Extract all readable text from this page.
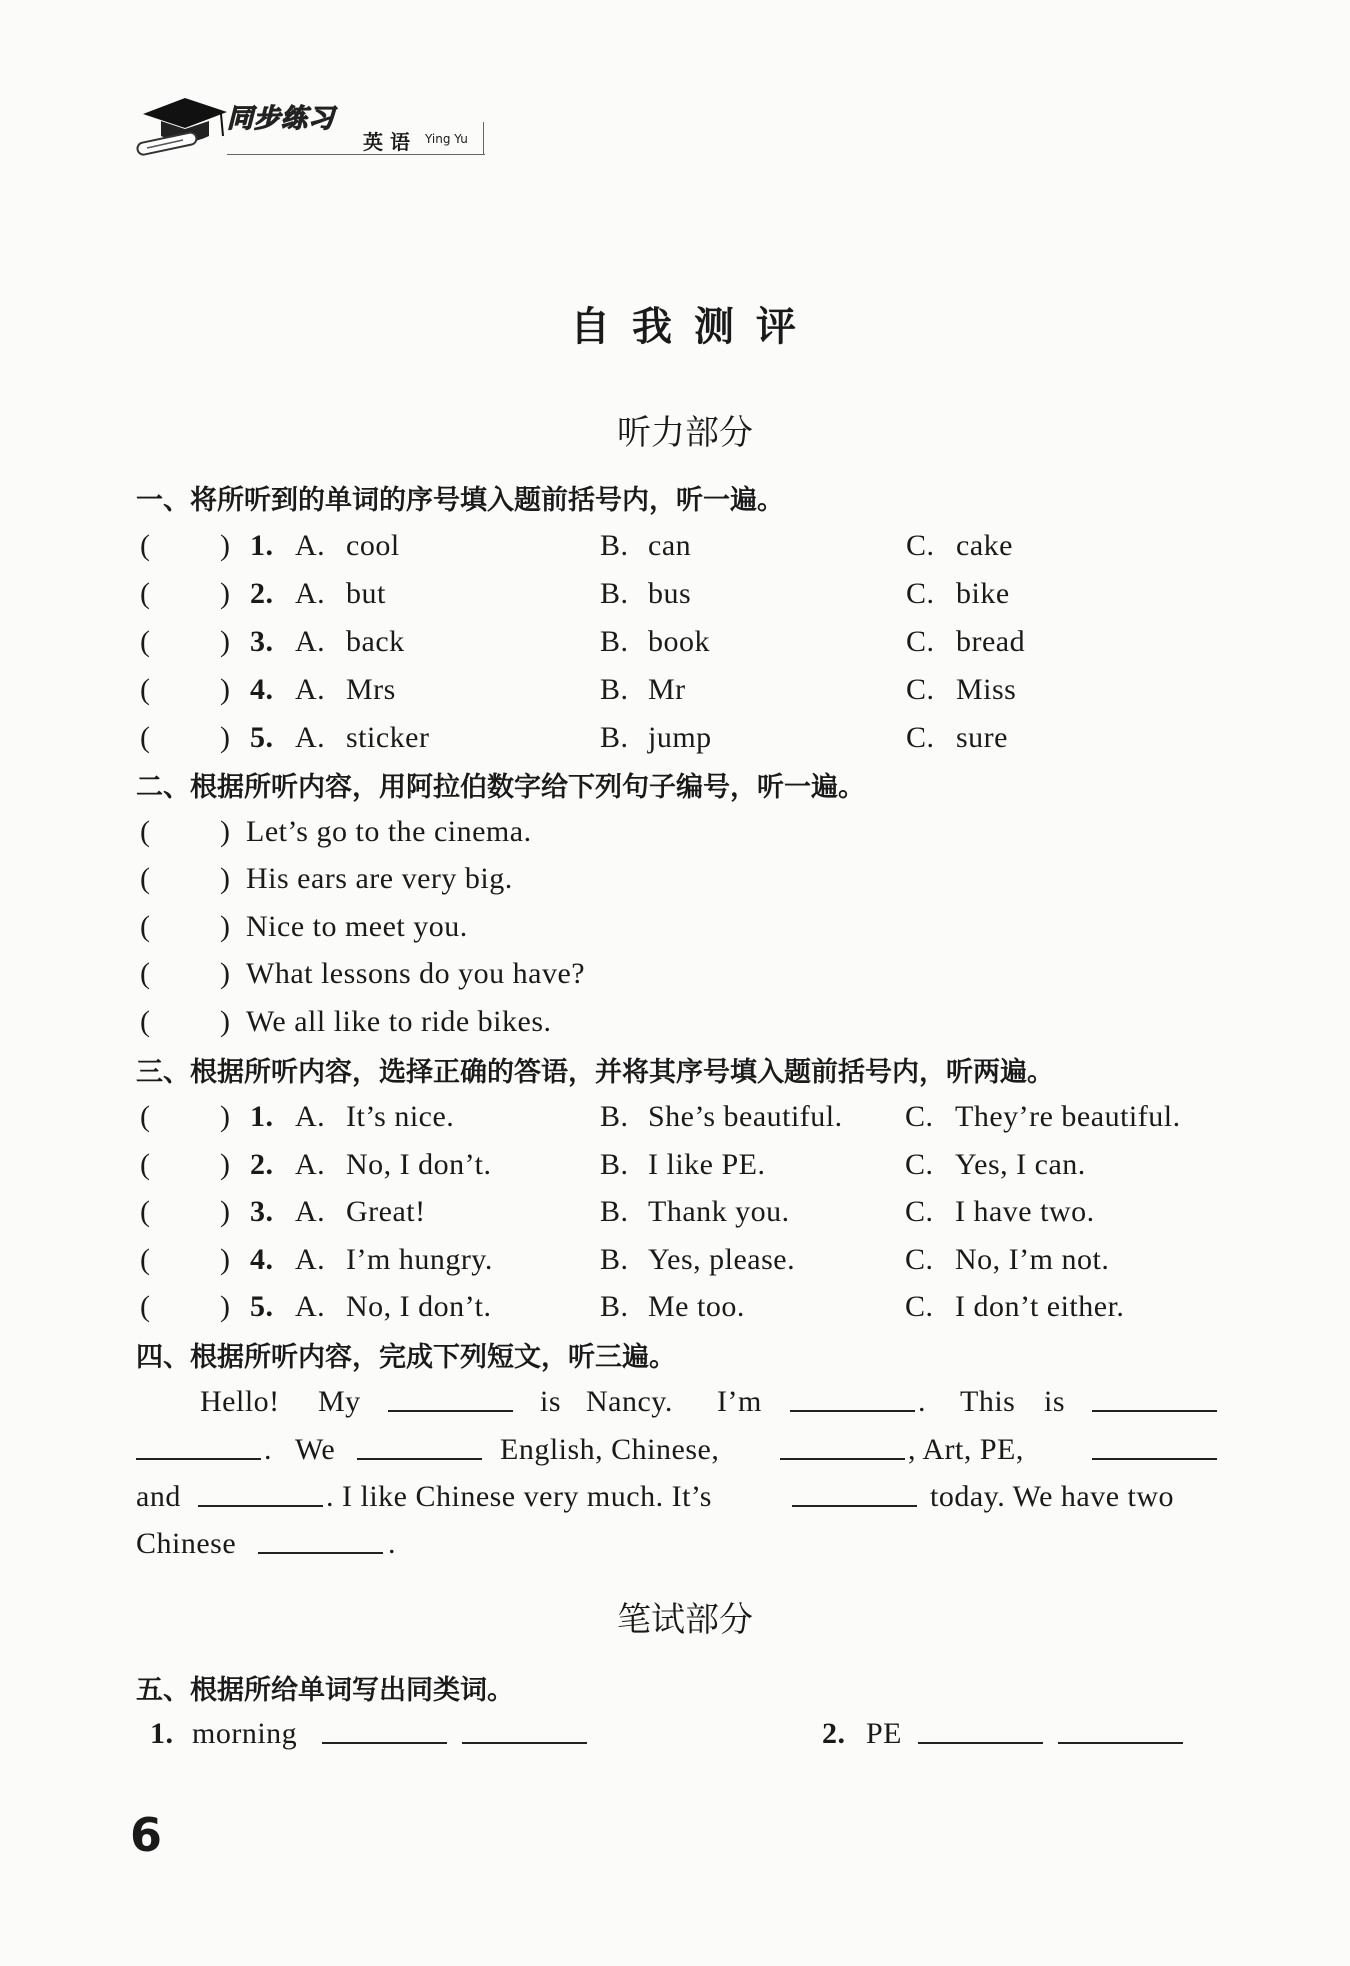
同步练习
英 语 Ying Yu
自 我 测 评
听力部分
一、将所听到的单词的序号填入题前括号内，听一遍。
( ) 1. A. cool	B. can	C. cake
( ) 2. A. but	B. bus	C. bike
( ) 3. A. back	B. book	C. bread
( ) 4. A. Mrs	B. Mr	C. Miss
( ) 5. A. sticker	B. jump	C. sure
二、根据所听内容，用阿拉伯数字给下列句子编号，听一遍。
( ) Let’s go to the cinema.
( ) His ears are very big.
( ) Nice to meet you.
( ) What lessons do you have?
( ) We all like to ride bikes.
三、根据所听内容，选择正确的答语，并将其序号填入题前括号内，听两遍。
( ) 1. A. It’s nice.	B. She’s beautiful. C. They’re beautiful.
( ) 2. A. No, I don’t.	B. I like PE.	C. Yes, I can.
( ) 3. A. Great!	B. Thank you.	C. I have two.
( ) 4. A. I’m hungry.	B. Yes, please.	C. No, I’m not.
( ) 5. A. No, I don’t.	B. Me too.	C. I don’t either.
四、根据所听内容，完成下列短文，听三遍。
Hello! My	is Nancy. I’m	. This is
. We	English, Chinese,	, Art, PE,
and	. I like Chinese very much. It’s	today. We have two
Chinese	.
笔试部分
五、根据所给单词写出同类词。
1. morning	2. PE
6
